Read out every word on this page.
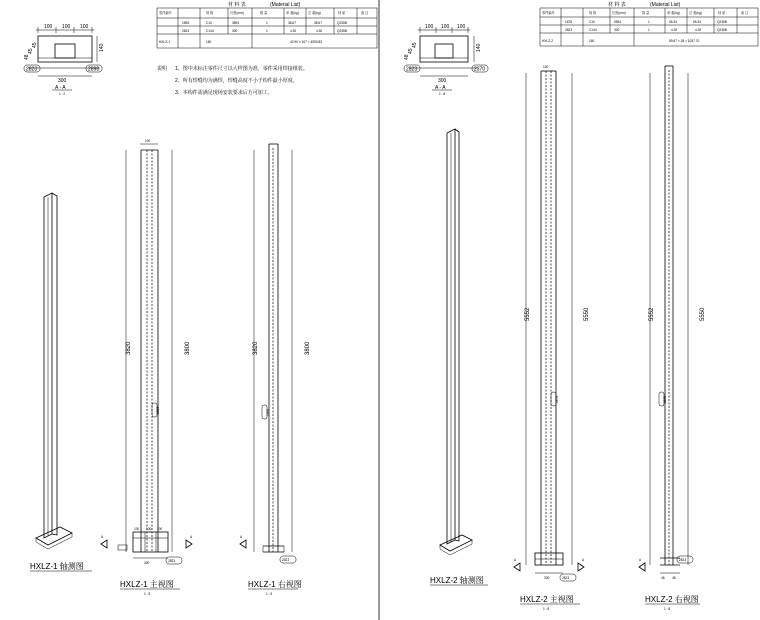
100 100 100
140
48
45
45
2823	2898
300
A - A
1 : 2
材 料 表	(Material List)
零件编号	规 格	长度(mm)	数 量	单 重(kg)	总 重(kg)	材 质	备 注
1896	C10	3894	1	38.67	38.67	Q235B
2823	C144	300	1	4.30	4.30	Q235B
HXLZ-1	160	42.90 × 107 = 4590.83
说明 1、图中未标注零件尺寸以大样图为准，零件采用焊接组装。
2、所有焊缝均为满焊，焊缝高度不小于构件最小厚度。
3、本构件需满足现场安装要求后方可加工。
HXLZ-1 轴测图
100
3820	3800
1896
100 100 100
A	A
300	2823
HXLZ-1 主视图
1 : 5
3820	3800
1896
A
2823
HXLZ-1 右视图
1 : 5
100 100 100
140
48
45
45
2823	2370
300
A - A
1 : 8
材 料 表	(Material List)
零件编号	规 格	长度(mm)	数 量	单 重(kg)	总 重(kg)	材 质	备 注
1878	C10	5554	1	55.34	55.34	Q235B
2823	C144	300	1	4.30	4.30	Q235B
HXLZ-2	160	59.67 × 18 = 1057.70
HXLZ-2 轴测图
100
5552	5550
1878
A	A
300	2823
HXLZ-2 主视图
1 : 8
5552	5550
1878
A	2823
48 48
HXLZ-2 右视图
1 : 8
